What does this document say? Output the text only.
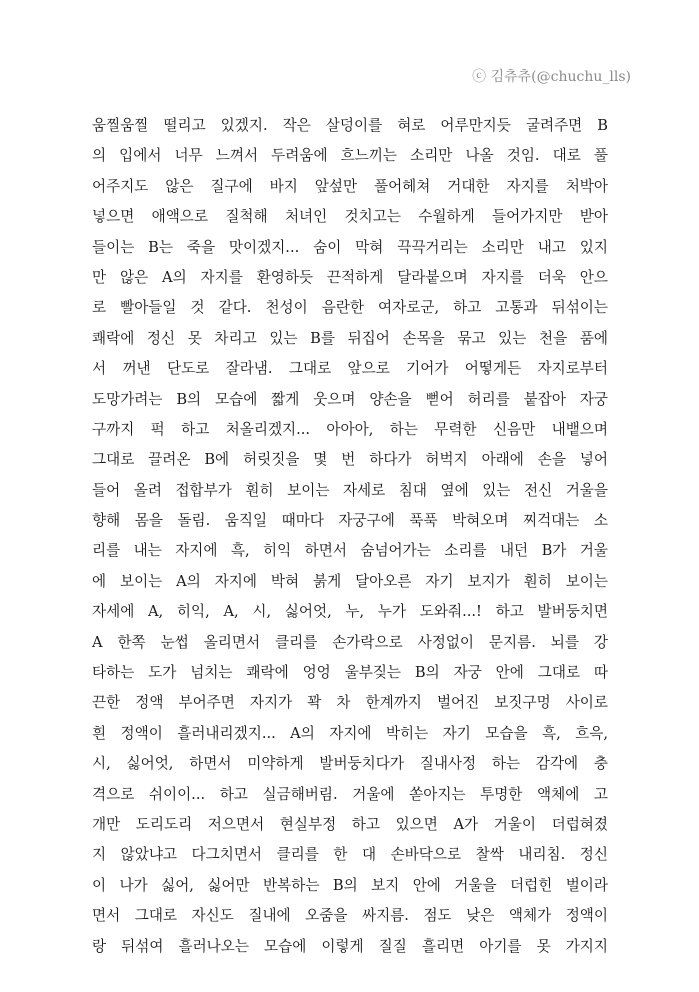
ⓒ 김츄츄(@chuchu_lls)
움찔움찔 떨리고 있겠지. 작은 살덩이를 혀로 어루만지듯 굴려주면 B
의 입에서 너무 느껴서 두려움에 흐느끼는 소리만 나올 것임. 대로 풀
어주지도 않은 질구에 바지 앞섶만 풀어헤쳐 거대한 자지를 처박아
넣으면 애액으로 질척해 처녀인 것치고는 수월하게 들어가지만 받아
들이는 B는 죽을 맛이겠지... 숨이 막혀 끅끅거리는 소리만 내고 있지
만 않은 A의 자지를 환영하듯 끈적하게 달라붙으며 자지를 더욱 안으
로 빨아들일 것 같다. 천성이 음란한 여자로군, 하고 고통과 뒤섞이는
쾌락에 정신 못 차리고 있는 B를 뒤집어 손목을 묶고 있는 천을 품에
서 꺼낸 단도로 잘라냄. 그대로 앞으로 기어가 어떻게든 자지로부터
도망가려는 B의 모습에 짧게 웃으며 양손을 뻗어 허리를 붙잡아 자궁
구까지 퍽 하고 처올리겠지... 아아아, 하는 무력한 신음만 내뱉으며
그대로 끌려온 B에 허릿짓을 몇 번 하다가 허벅지 아래에 손을 넣어
들어 올려 접합부가 훤히 보이는 자세로 침대 옆에 있는 전신 거울을
향해 몸을 돌림. 움직일 때마다 자궁구에 푹푹 박혀오며 찌걱대는 소
리를 내는 자지에 흑, 히익 하면서 숨넘어가는 소리를 내던 B가 거울
에 보이는 A의 자지에 박혀 붉게 달아오른 자기 보지가 훤히 보이는
자세에 A, 히익, A, 시, 싫어엇, 누, 누가 도와줘...! 하고 발버둥치면
A 한쪽 눈썹 올리면서 클리를 손가락으로 사정없이 문지름. 뇌를 강
타하는 도가 넘치는 쾌락에 엉엉 울부짖는 B의 자궁 안에 그대로 따
끈한 정액 부어주면 자지가 꽉 차 한계까지 벌어진 보짓구멍 사이로
흰 정액이 흘러내리겠지... A의 자지에 박히는 자기 모습을 흑, 흐윽,
시, 싫어엇, 하면서 미약하게 발버둥치다가 질내사정 하는 감각에 충
격으로 쉬이이... 하고 실금해버림. 거울에 쏟아지는 투명한 액체에 고
개만 도리도리 저으면서 현실부정 하고 있으면 A가 거울이 더럽혀졌
지 않았냐고 다그치면서 클리를 한 대 손바닥으로 찰싹 내리침. 정신
이 나가 싫어, 싫어만 반복하는 B의 보지 안에 거울을 더럽힌 벌이라
면서 그대로 자신도 질내에 오줌을 싸지름. 점도 낮은 액체가 정액이
랑 뒤섞여 흘러나오는 모습에 이렇게 질질 흘리면 아기를 못 가지지
